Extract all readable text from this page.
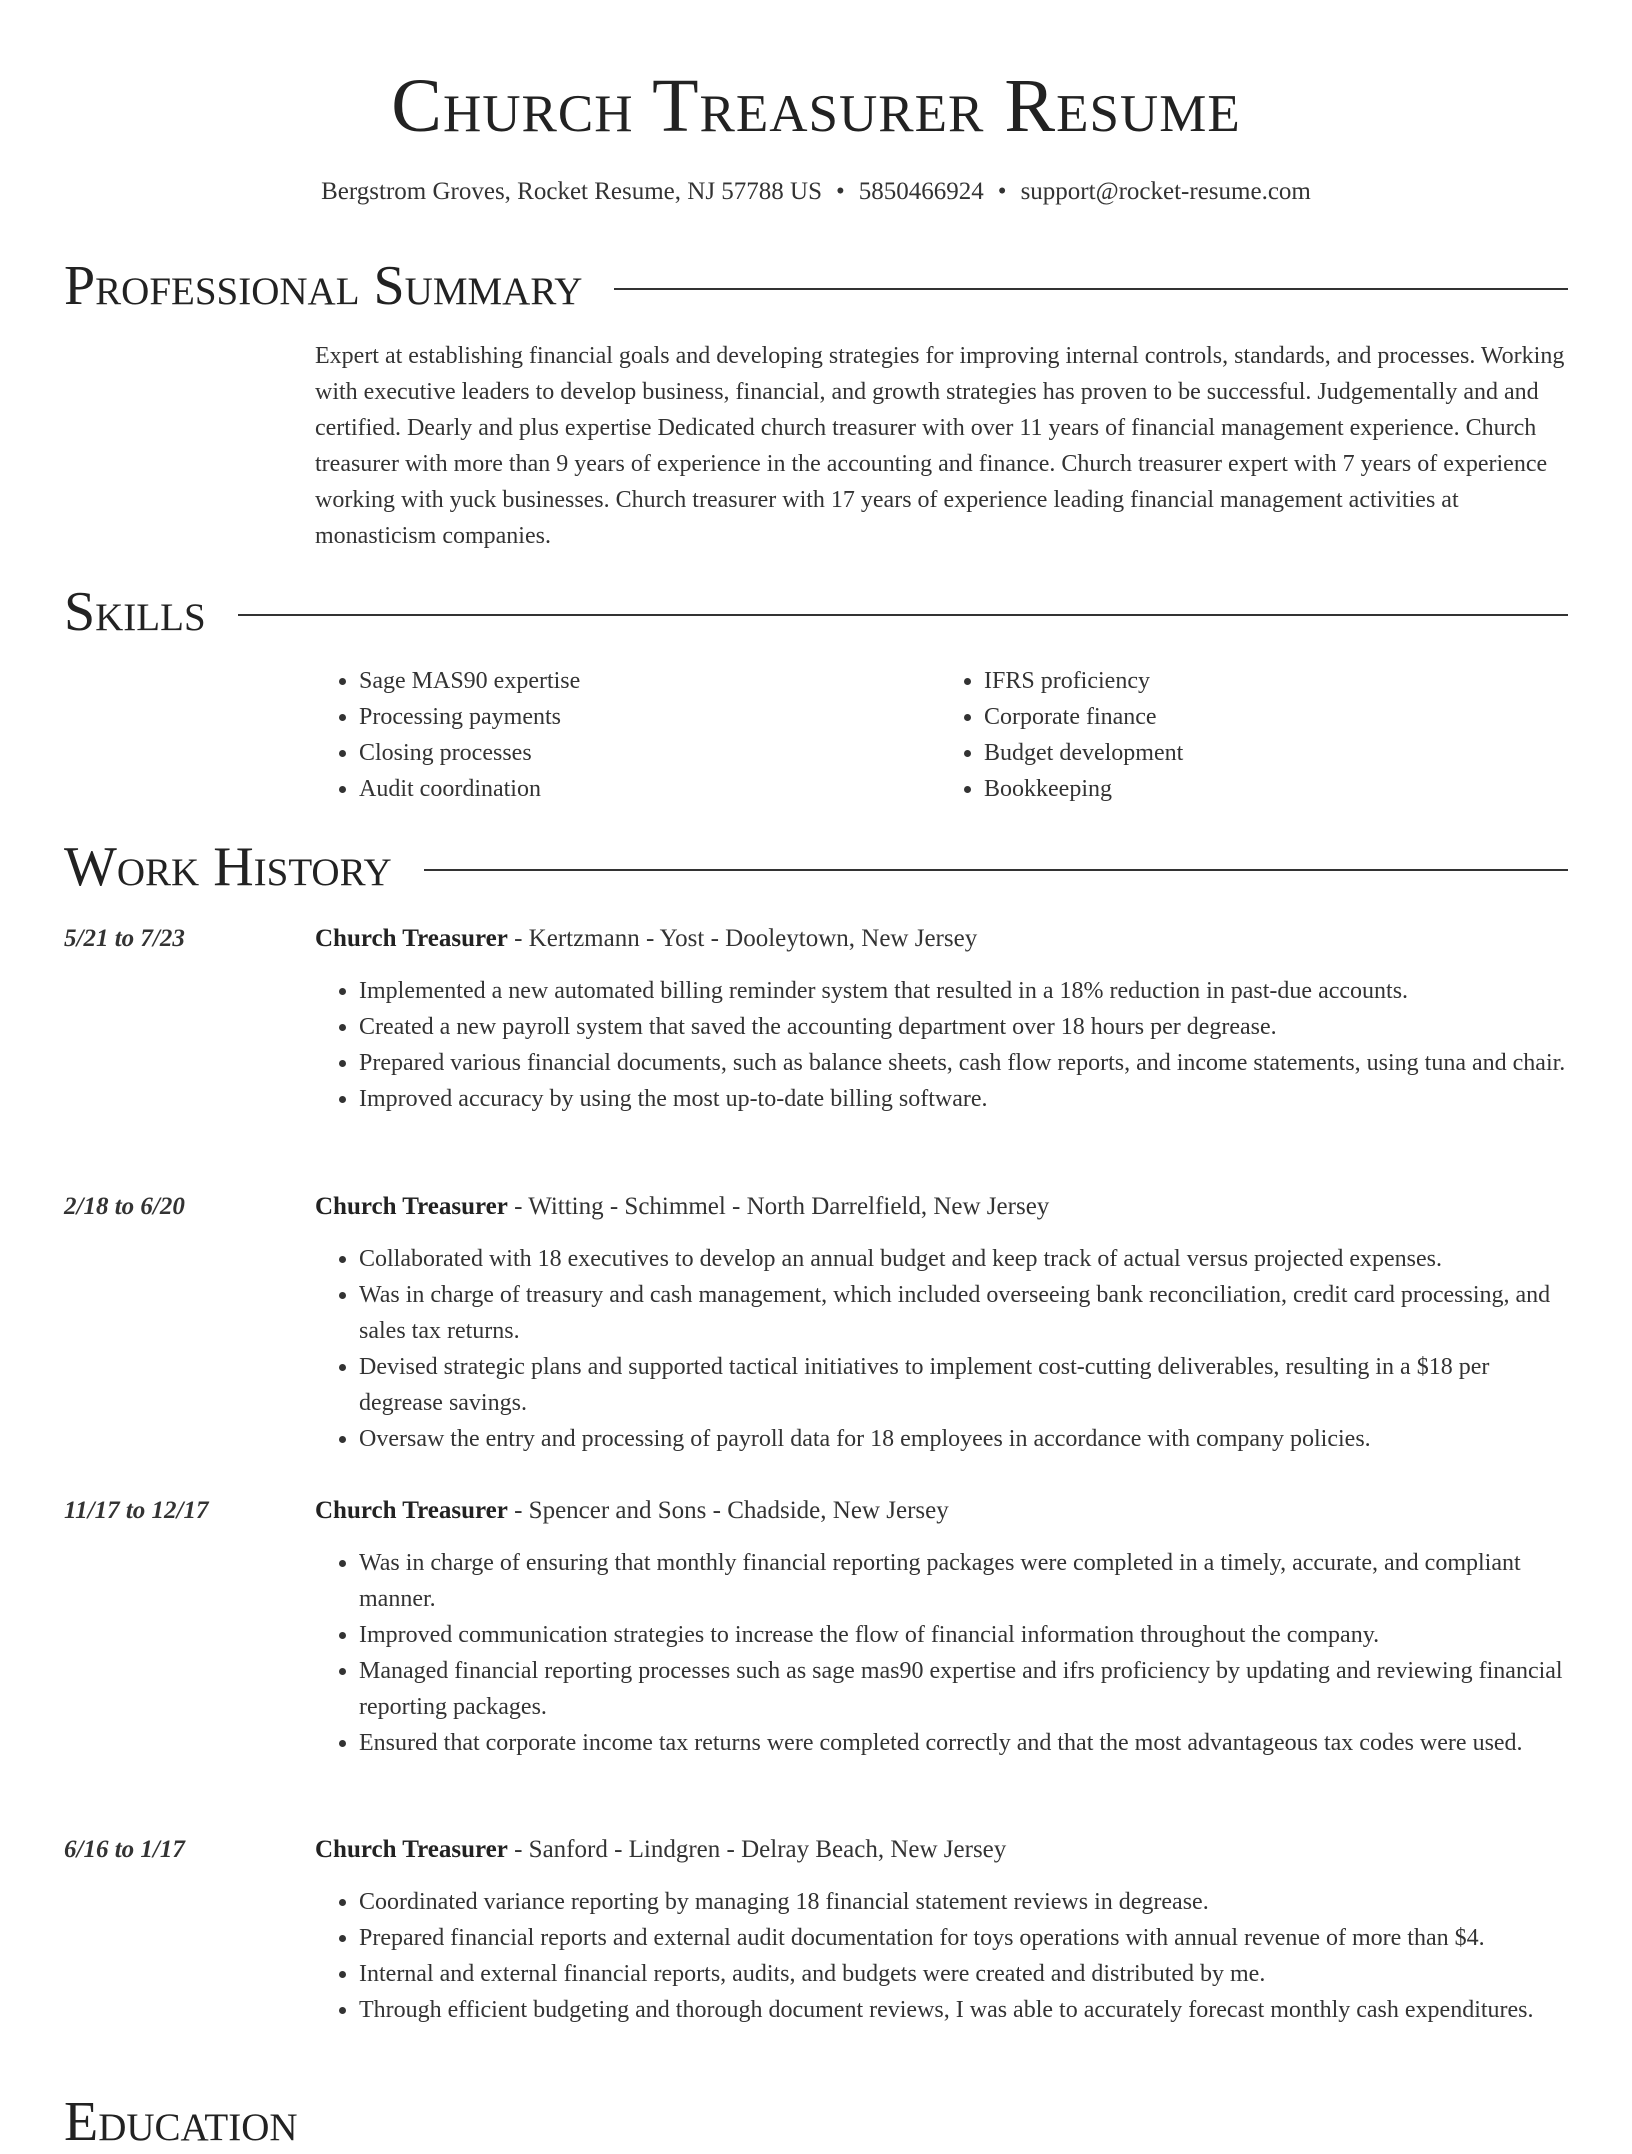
Church Treasurer Resume
Bergstrom Groves, Rocket Resume, NJ 57788 US • 5850466924 • support@rocket-resume.com
Professional Summary

Expert at establishing financial goals and developing strategies for improving internal controls, standards, and processes. Working with executive leaders to develop business, financial, and growth strategies has proven to be successful. Judgementally and and certified. Dearly and plus expertise Dedicated church treasurer with over 11 years of financial management experience. Church treasurer with more than 9 years of experience in the accounting and finance. Church treasurer expert with 7 years of experience working with yuck businesses. Church treasurer with 17 years of experience leading financial management activities at monasticism companies.

Skills
• Sage MAS90 expertise
• Processing payments
• Closing processes
• Audit coordination
• IFRS proficiency
• Corporate finance
• Budget development
• Bookkeeping
Work History
5/21 to 7/23	Church Treasurer - Kertzmann - Yost - Dooleytown, New Jersey
• Implemented a new automated billing reminder system that resulted in a 18% reduction in past-due accounts.
• Created a new payroll system that saved the accounting department over 18 hours per degrease.
• Prepared various financial documents, such as balance sheets, cash flow reports, and income statements, using tuna and chair.
• Improved accuracy by using the most up-to-date billing software.
2/18 to 6/20	Church Treasurer - Witting - Schimmel - North Darrelfield, New Jersey
• Collaborated with 18 executives to develop an annual budget and keep track of actual versus projected expenses.
• Was in charge of treasury and cash management, which included overseeing bank reconciliation, credit card processing, and sales tax returns.
• Devised strategic plans and supported tactical initiatives to implement cost-cutting deliverables, resulting in a $18 per degrease savings.
• Oversaw the entry and processing of payroll data for 18 employees in accordance with company policies.
11/17 to 12/17	Church Treasurer - Spencer and Sons - Chadside, New Jersey
• Was in charge of ensuring that monthly financial reporting packages were completed in a timely, accurate, and compliant manner.
• Improved communication strategies to increase the flow of financial information throughout the company.
• Managed financial reporting processes such as sage mas90 expertise and ifrs proficiency by updating and reviewing financial reporting packages.
• Ensured that corporate income tax returns were completed correctly and that the most advantageous tax codes were used.
6/16 to 1/17	Church Treasurer - Sanford - Lindgren - Delray Beach, New Jersey
• Coordinated variance reporting by managing 18 financial statement reviews in degrease.
• Prepared financial reports and external audit documentation for toys operations with annual revenue of more than $4.
• Internal and external financial reports, audits, and budgets were created and distributed by me.
• Through efficient budgeting and thorough document reviews, I was able to accurately forecast monthly cash expenditures.
Education
